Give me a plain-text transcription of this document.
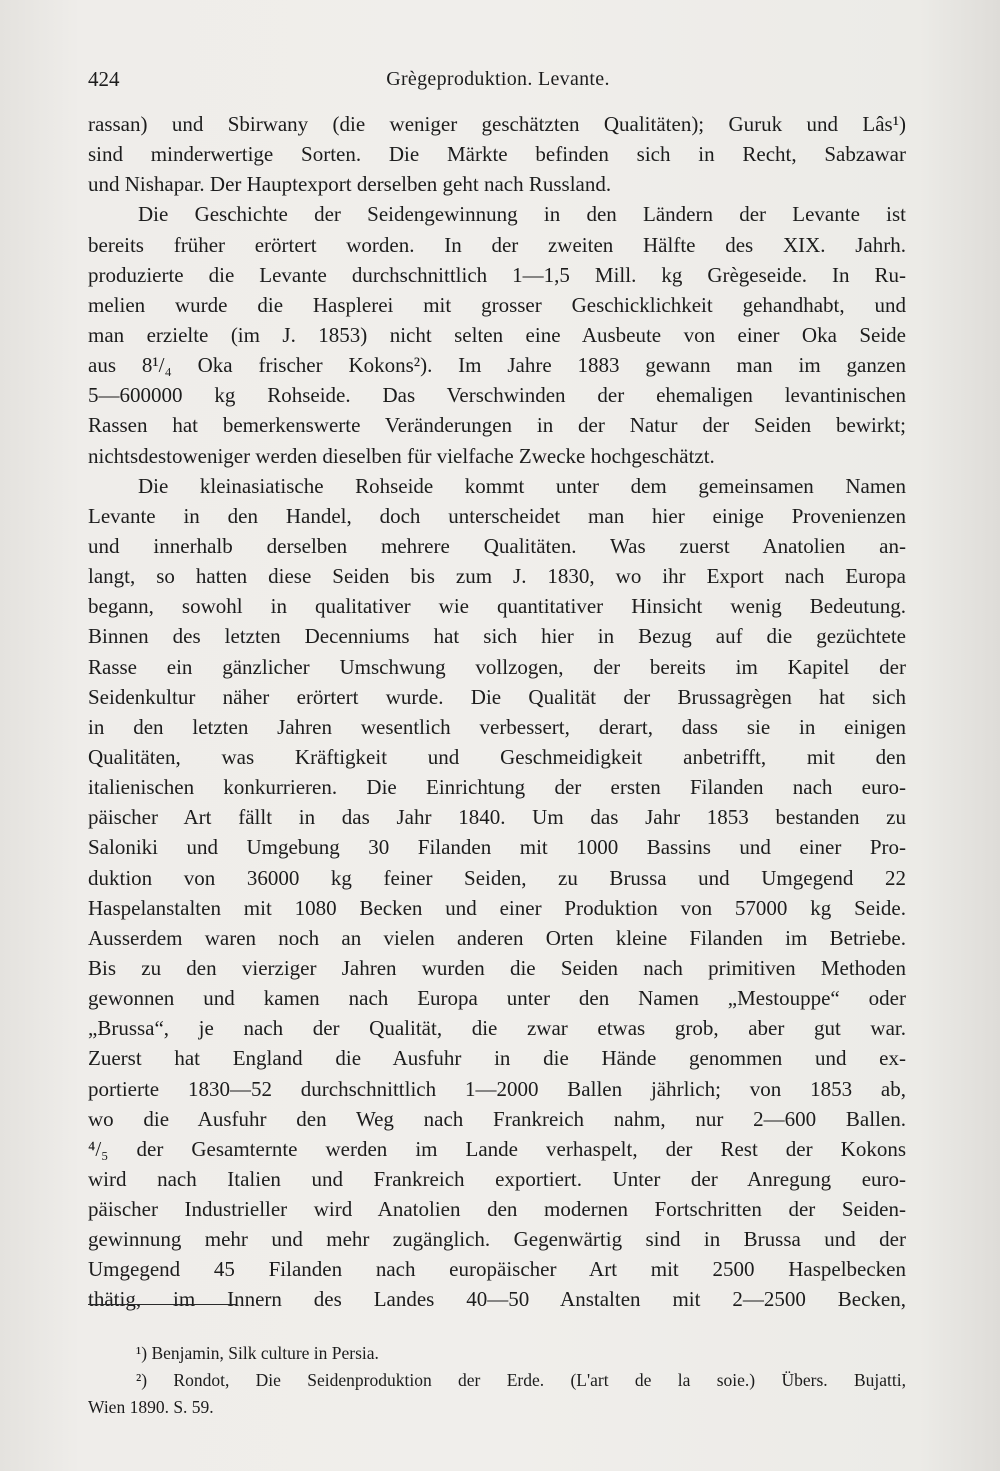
424	Grègeproduktion. Levante.
rassan) und Sbirwany (die weniger geschätzten Qualitäten); Guruk und Lâs¹)
sind minderwertige Sorten. Die Märkte befinden sich in Recht, Sabzawar
und Nishapar. Der Hauptexport derselben geht nach Russland.
Die Geschichte der Seidengewinnung in den Ländern der Levante ist
bereits früher erörtert worden. In der zweiten Hälfte des XIX. Jahrh.
produzierte die Levante durchschnittlich 1—1,5 Mill. kg Grègeseide. In Ru-
melien wurde die Hasplerei mit grosser Geschicklichkeit gehandhabt, und
man erzielte (im J. 1853) nicht selten eine Ausbeute von einer Oka Seide
aus 8¹/₄ Oka frischer Kokons²). Im Jahre 1883 gewann man im ganzen
5—600000 kg Rohseide. Das Verschwinden der ehemaligen levantinischen
Rassen hat bemerkenswerte Veränderungen in der Natur der Seiden bewirkt;
nichtsdestoweniger werden dieselben für vielfache Zwecke hochgeschätzt.
Die kleinasiatische Rohseide kommt unter dem gemeinsamen Namen
Levante in den Handel, doch unterscheidet man hier einige Provenienzen
und innerhalb derselben mehrere Qualitäten. Was zuerst Anatolien an-
langt, so hatten diese Seiden bis zum J. 1830, wo ihr Export nach Europa
begann, sowohl in qualitativer wie quantitativer Hinsicht wenig Bedeutung.
Binnen des letzten Decenniums hat sich hier in Bezug auf die gezüchtete
Rasse ein gänzlicher Umschwung vollzogen, der bereits im Kapitel der
Seidenkultur näher erörtert wurde. Die Qualität der Brussagrègen hat sich
in den letzten Jahren wesentlich verbessert, derart, dass sie in einigen
Qualitäten, was Kräftigkeit und Geschmeidigkeit anbetrifft, mit den
italienischen konkurrieren. Die Einrichtung der ersten Filanden nach euro-
päischer Art fällt in das Jahr 1840. Um das Jahr 1853 bestanden zu
Saloniki und Umgebung 30 Filanden mit 1000 Bassins und einer Pro-
duktion von 36000 kg feiner Seiden, zu Brussa und Umgegend 22
Haspelanstalten mit 1080 Becken und einer Produktion von 57000 kg Seide.
Ausserdem waren noch an vielen anderen Orten kleine Filanden im Betriebe.
Bis zu den vierziger Jahren wurden die Seiden nach primitiven Methoden
gewonnen und kamen nach Europa unter den Namen „Mestouppe“ oder
„Brussa“, je nach der Qualität, die zwar etwas grob, aber gut war.
Zuerst hat England die Ausfuhr in die Hände genommen und ex-
portierte 1830—52 durchschnittlich 1—2000 Ballen jährlich; von 1853 ab,
wo die Ausfuhr den Weg nach Frankreich nahm, nur 2—600 Ballen.
⁴/₅ der Gesamternte werden im Lande verhaspelt, der Rest der Kokons
wird nach Italien und Frankreich exportiert. Unter der Anregung euro-
päischer Industrieller wird Anatolien den modernen Fortschritten der Seiden-
gewinnung mehr und mehr zugänglich. Gegenwärtig sind in Brussa und der
Umgegend 45 Filanden nach europäischer Art mit 2500 Haspelbecken
thätig, im Innern des Landes 40—50 Anstalten mit 2—2500 Becken,
¹) Benjamin, Silk culture in Persia.
²) Rondot, Die Seidenproduktion der Erde. (L'art de la soie.) Übers. Bujatti,
Wien 1890. S. 59.
